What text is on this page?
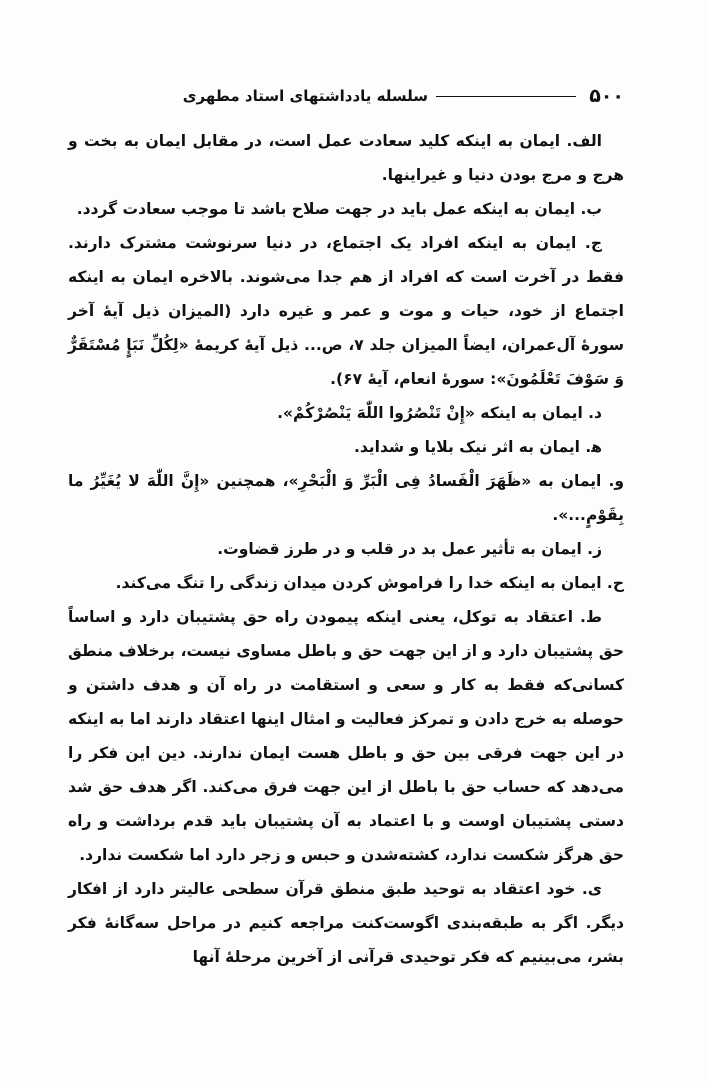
۵۰۰
سلسله یادداشتهای استاد مطهری

الف. ایمان به اینکه کلید سعادت عمل است، در مقابل ایمان به بخت و هرج و مرج بودن دنیا و غیراینها.

ب. ایمان به اینکه عمل باید در جهت صلاح باشد تا موجب سعادت گردد.

ج. ایمان به اینکه افراد یک اجتماع، در دنیا سرنوشت مشترک دارند. فقط در آخرت است که افراد از هم جدا می‌شوند. بالاخره ایمان به اینکه اجتماع از خود، حیات و موت و عمر و غیره دارد (المیزان ذیل آیهٔ آخر سورهٔ آل‌عمران، ایضاً المیزان جلد ۷، ص... ذیل آیهٔ کریمهٔ «لِکُلِّ نَبَإٍ مُسْتَقَرٌّ وَ سَوْفَ تَعْلَمُونَ»: سورهٔ انعام، آیهٔ ۶۷).

د. ایمان به اینکه «إِنْ تَنْصُرُوا اللّٰهَ یَنْصُرْکُمْ».

ه‍. ایمان به اثر نیک بلایا و شداید.

و. ایمان به «ظَهَرَ الْفَسادُ فِی الْبَرِّ وَ الْبَحْرِ»، همچنین «إِنَّ اللّٰهَ لا یُغَیِّرُ ما بِقَوْمٍ...».

ز. ایمان به تأثیر عمل بد در قلب و در طرز قضاوت.

ح. ایمان به اینکه خدا را فراموش کردن میدان زندگی را تنگ می‌کند.

ط. اعتقاد به توکل، یعنی اینکه پیمودن راه حق پشتیبان دارد و اساساً حق پشتیبان دارد و از این جهت حق و باطل مساوی نیست، برخلاف منطق کسانی‌که فقط به کار و سعی و استقامت در راه آن و هدف داشتن و حوصله به خرج دادن و تمرکز فعالیت و امثال اینها اعتقاد دارند اما به اینکه در این جهت فرقی بین حق و باطل هست ایمان ندارند. دین این فکر را می‌دهد که حساب حق با باطل از این جهت فرق می‌کند. اگر هدف حق شد دستی پشتیبان اوست و با اعتماد به آن پشتیبان باید قدم برداشت و راه حق هرگز شکست ندارد، کشته‌شدن و حبس و زجر دارد اما شکست ندارد.

ی. خود اعتقاد به توحید طبق منطق قرآن سطحی عالیتر دارد از افکار دیگر. اگر به طبقه‌بندی اگوست‌کنت مراجعه کنیم در مراحل سه‌گانهٔ فکر بشر، می‌بینیم که فکر توحیدی قرآنی از آخرین مرحلهٔ آنها
